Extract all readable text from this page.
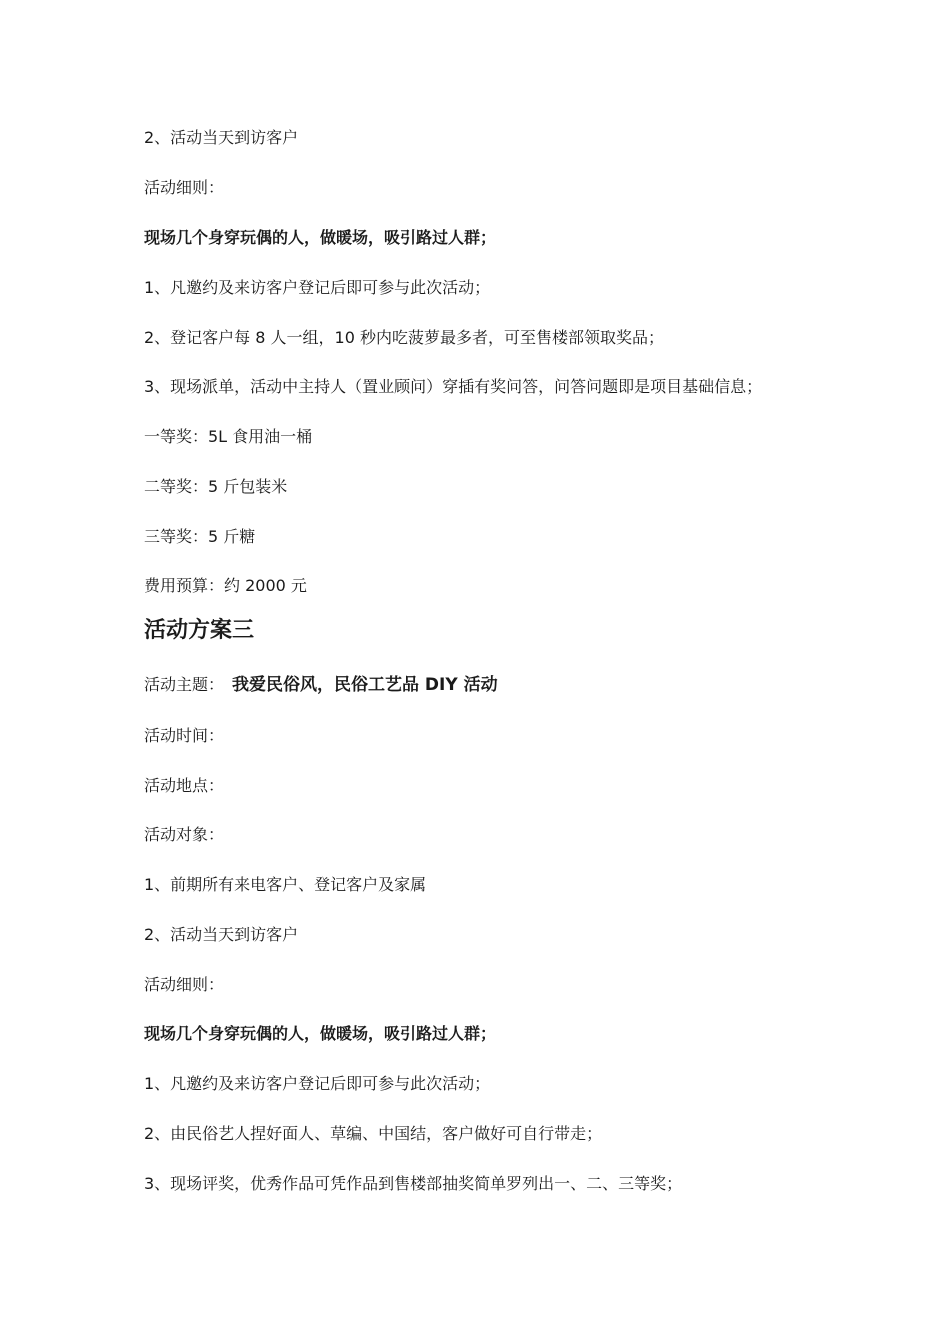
2、活动当天到访客户
活动细则：
现场几个身穿玩偶的人，做暖场，吸引路过人群；
1、凡邀约及来访客户登记后即可参与此次活动；
2、登记客户每 8 人一组，10 秒内吃菠萝最多者，可至售楼部领取奖品；
3、现场派单，活动中主持人（置业顾问）穿插有奖问答，问答问题即是项目基础信息；
一等奖：5L 食用油一桶
二等奖：5 斤包装米
三等奖：5 斤糖
费用预算：约 2000 元
活动方案三
活动主题： 我爱民俗风，民俗工艺品 DIY 活动
活动时间：
活动地点：
活动对象：
1、前期所有来电客户、登记客户及家属
2、活动当天到访客户
活动细则：
现场几个身穿玩偶的人，做暖场，吸引路过人群；
1、凡邀约及来访客户登记后即可参与此次活动；
2、由民俗艺人捏好面人、草编、中国结，客户做好可自行带走；
3、现场评奖，优秀作品可凭作品到售楼部抽奖简单罗列出一、二、三等奖；
